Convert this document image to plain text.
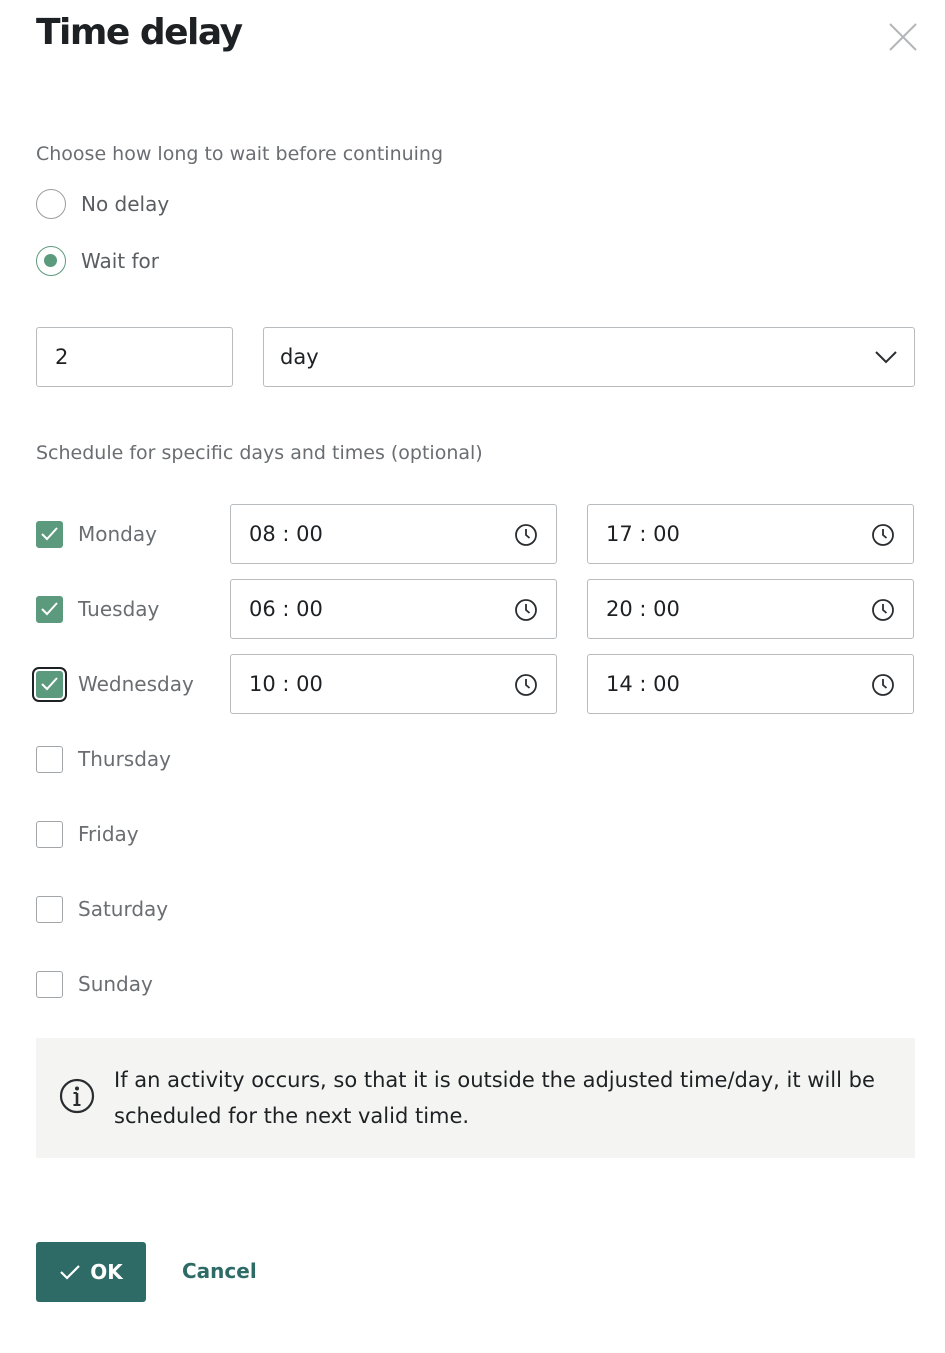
Time delay
Choose how long to wait before continuing
No delay
Wait for
2	day
Schedule for specific days and times (optional)
Monday	08 : 00	17 : 00
Tuesday	06 : 00	20 : 00
Wednesday	10 : 00	14 : 00
Thursday
Friday
Saturday
Sunday
If an activity occurs, so that it is outside the adjusted time/day, it will be scheduled for the next valid time.
OK	Cancel
